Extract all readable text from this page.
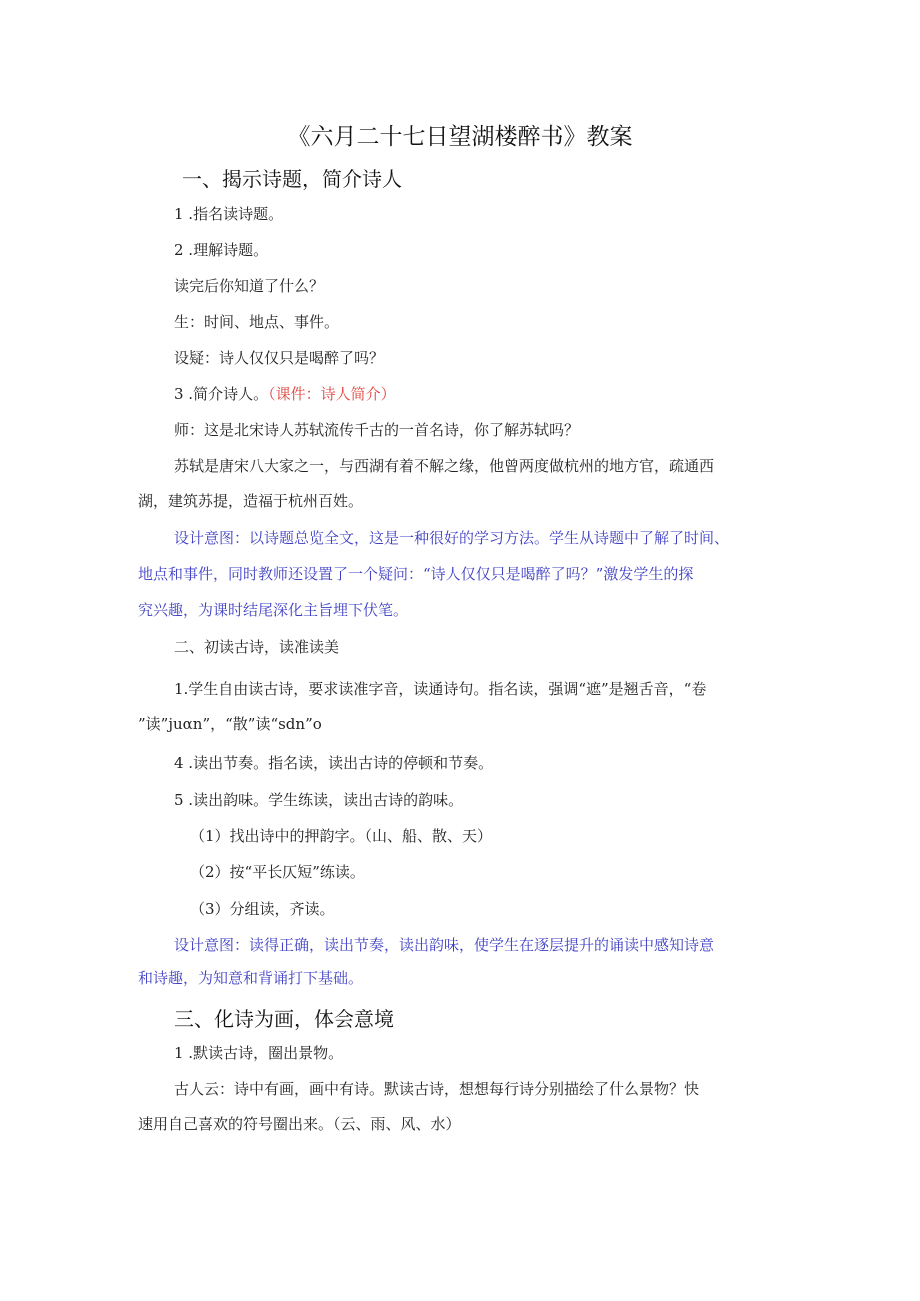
《六月二十七日望湖楼醉书》教案
一、揭示诗题，简介诗人
1 .指名读诗题。
2 .理解诗题。
读完后你知道了什么？
生：时间、地点、事件。
设疑：诗人仅仅只是喝醉了吗？
3 .简介诗人。（课件：诗人简介）
师：这是北宋诗人苏轼流传千古的一首名诗，你了解苏轼吗？
苏轼是唐宋八大家之一，与西湖有着不解之缘，他曾两度做杭州的地方官，疏通西
湖，建筑苏提，造福于杭州百姓。
设计意图：以诗题总览全文，这是一种很好的学习方法。学生从诗题中了解了时间、
地点和事件，同时教师还设置了一个疑问：“诗人仅仅只是喝醉了吗？”激发学生的探
究兴趣，为课时结尾深化主旨埋下伏笔。
二、初读古诗，读准读美
1.学生自由读古诗，要求读准字音，读通诗句。指名读，强调“遮”是翘舌音，“卷
”读”juαn”，“散”读“sdn”o
4 .读出节奏。指名读，读出古诗的停顿和节奏。
5 .读出韵味。学生练读，读出古诗的韵味。
（1）找出诗中的押韵字。（山、船、散、天）
（2）按“平长仄短”练读。
（3）分组读，齐读。
设计意图：读得正确，读出节奏，读出韵味，使学生在逐层提升的诵读中感知诗意
和诗趣，为知意和背诵打下基础。
三、化诗为画，体会意境
1 .默读古诗，圈出景物。
古人云：诗中有画，画中有诗。默读古诗，想想每行诗分别描绘了什么景物？快
速用自己喜欢的符号圈出来。（云、雨、风、水）
